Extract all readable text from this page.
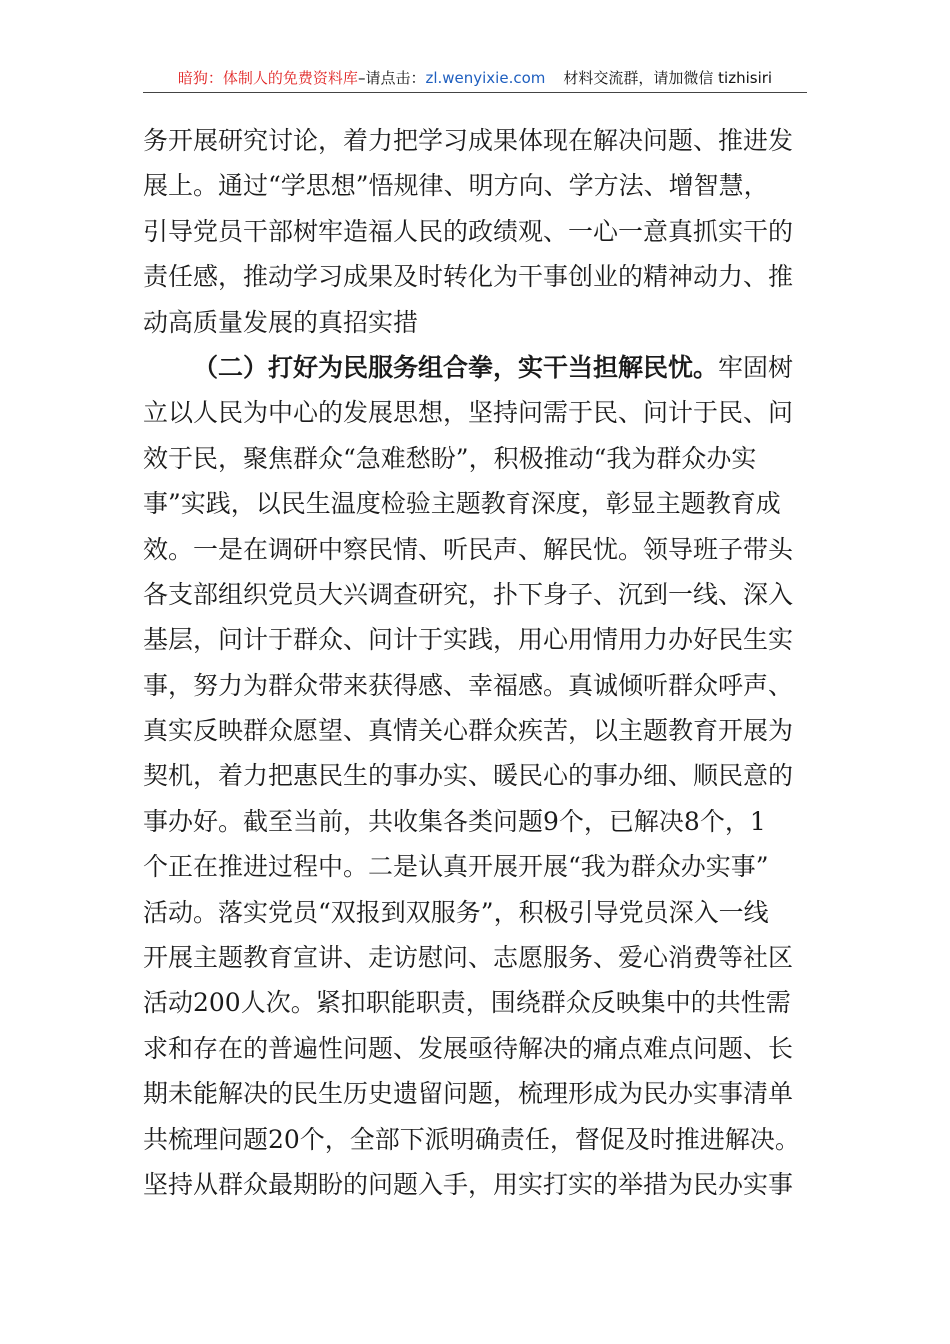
暗狗：体制人的免费资料库–请点击：zl.wenyixie.com 材料交流群，请加微信 tizhisiri
务开展研究讨论，着力把学习成果体现在解决问题、推进发
展上。通过“学思想”悟规律、明方向、学方法、增智慧，
引导党员干部树牢造福人民的政绩观、一心一意真抓实干的
责任感，推动学习成果及时转化为干事创业的精神动力、推
动高质量发展的真招实措
（二）打好为民服务组合拳，实干当担解民忧。牢固树
立以人民为中心的发展思想，坚持问需于民、问计于民、问
效于民，聚焦群众“急难愁盼”，积极推动“我为群众办实
事”实践，以民生温度检验主题教育深度，彰显主题教育成
效。一是在调研中察民情、听民声、解民忧。领导班子带头
各支部组织党员大兴调查研究，扑下身子、沉到一线、深入
基层，问计于群众、问计于实践，用心用情用力办好民生实
事，努力为群众带来获得感、幸福感。真诚倾听群众呼声、
真实反映群众愿望、真情关心群众疾苦，以主题教育开展为
契机，着力把惠民生的事办实、暖民心的事办细、顺民意的
事办好。截至当前，共收集各类问题9个，已解决8个，1
个正在推进过程中。二是认真开展开展“我为群众办实事”
活动。落实党员“双报到双服务”，积极引导党员深入一线
开展主题教育宣讲、走访慰问、志愿服务、爱心消费等社区
活动200人次。紧扣职能职责，围绕群众反映集中的共性需
求和存在的普遍性问题、发展亟待解决的痛点难点问题、长
期未能解决的民生历史遗留问题，梳理形成为民办实事清单
共梳理问题20个，全部下派明确责任，督促及时推进解决。
坚持从群众最期盼的问题入手，用实打实的举措为民办实事
